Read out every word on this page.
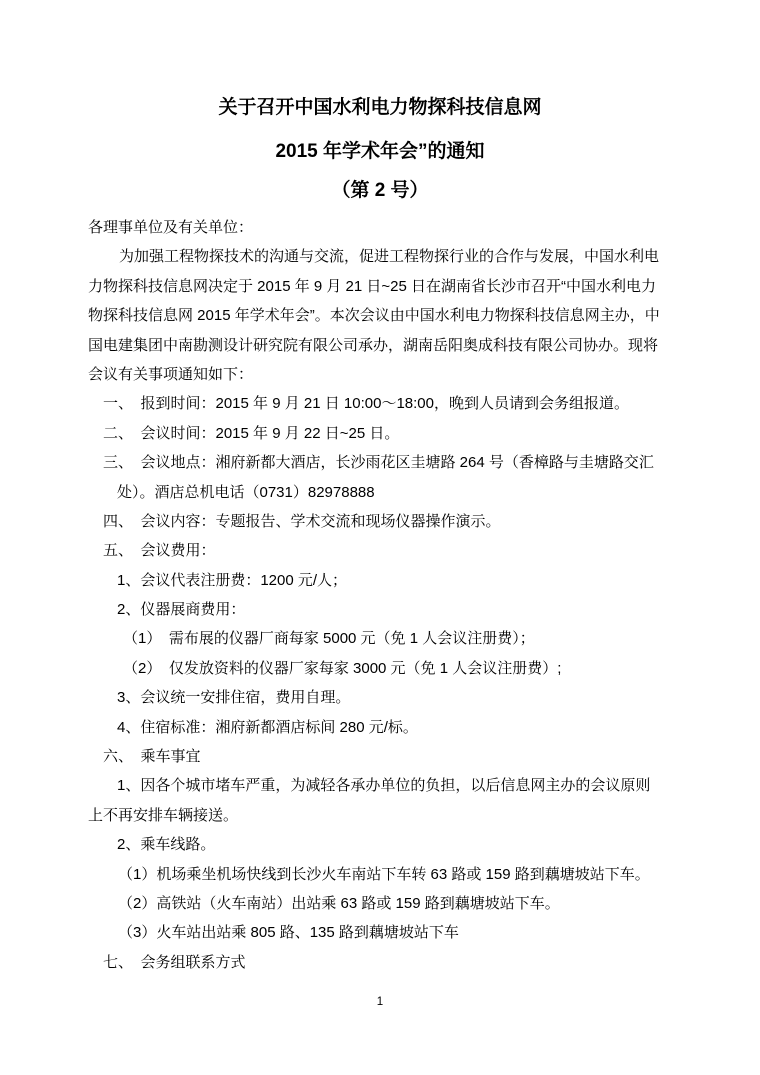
关于召开中国水利电力物探科技信息网
2015 年学术年会”的通知
（第 2 号）
各理事单位及有关单位：
为加强工程物探技术的沟通与交流，促进工程物探行业的合作与发展，中国水利电
力物探科技信息网决定于 2015 年 9 月 21 日~25 日在湖南省长沙市召开“中国水利电力
物探科技信息网 2015 年学术年会”。本次会议由中国水利电力物探科技信息网主办，中
国电建集团中南勘测设计研究院有限公司承办，湖南岳阳奥成科技有限公司协办。现将
会议有关事项通知如下：
一、　报到时间：2015 年 9 月 21 日 10:00～18:00，晚到人员请到会务组报道。
二、　会议时间：2015 年 9 月 22 日~25 日。
三、　会议地点：湘府新都大酒店，长沙雨花区圭塘路 264 号（香樟路与圭塘路交汇
处）。酒店总机电话（0731）82978888
四、　会议内容：专题报告、学术交流和现场仪器操作演示。
五、　会议费用：
1、会议代表注册费：1200 元/人；
2、仪器展商费用：
（1）　需布展的仪器厂商每家 5000 元（免 1 人会议注册费）；
（2）　仅发放资料的仪器厂家每家 3000 元（免 1 人会议注册费）;
3、会议统一安排住宿，费用自理。
4、住宿标准：湘府新都酒店标间 280 元/标。
六、　乘车事宜
1、因各个城市堵车严重，为减轻各承办单位的负担，以后信息网主办的会议原则
上不再安排车辆接送。
2、乘车线路。
（1）机场乘坐机场快线到长沙火车南站下车转 63 路或 159 路到藕塘坡站下车。
（2）高铁站（火车南站）出站乘 63 路或 159 路到藕塘坡站下车。
（3）火车站出站乘 805 路、135 路到藕塘坡站下车
七、　会务组联系方式
1
